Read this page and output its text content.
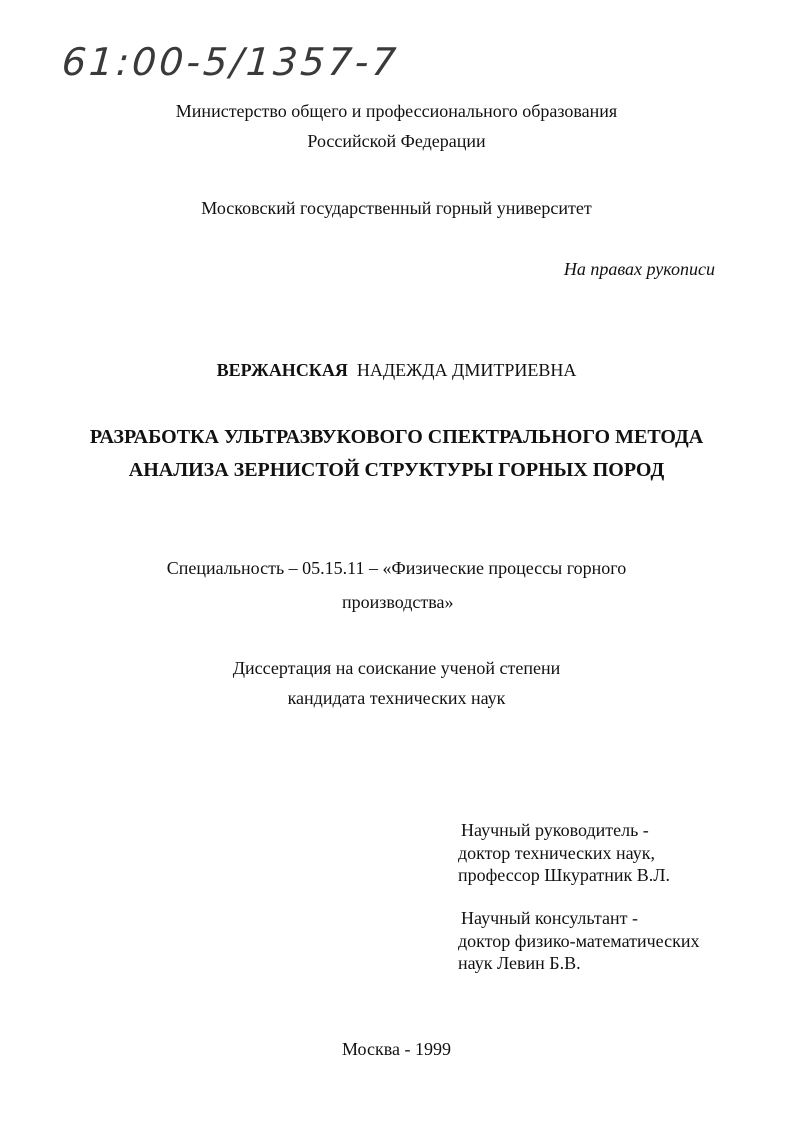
61:00-5/1357-7
Министерство общего и профессионального образования
Российской Федерации
Московский государственный горный университет
На правах рукописи
ВЕРЖАНСКАЯ НАДЕЖДА ДМИТРИЕВНА
РАЗРАБОТКА УЛЬТРАЗВУКОВОГО СПЕКТРАЛЬНОГО МЕТОДА
АНАЛИЗА ЗЕРНИСТОЙ СТРУКТУРЫ ГОРНЫХ ПОРОД
Специальность – 05.15.11 – «Физические процессы горного
производства»
Диссертация на соискание ученой степени
кандидата технических наук
Научный руководитель -
доктор технических наук,
профессор Шкуратник В.Л.
Научный консультант -
доктор физико-математических
наук Левин Б.В.
Москва - 1999
